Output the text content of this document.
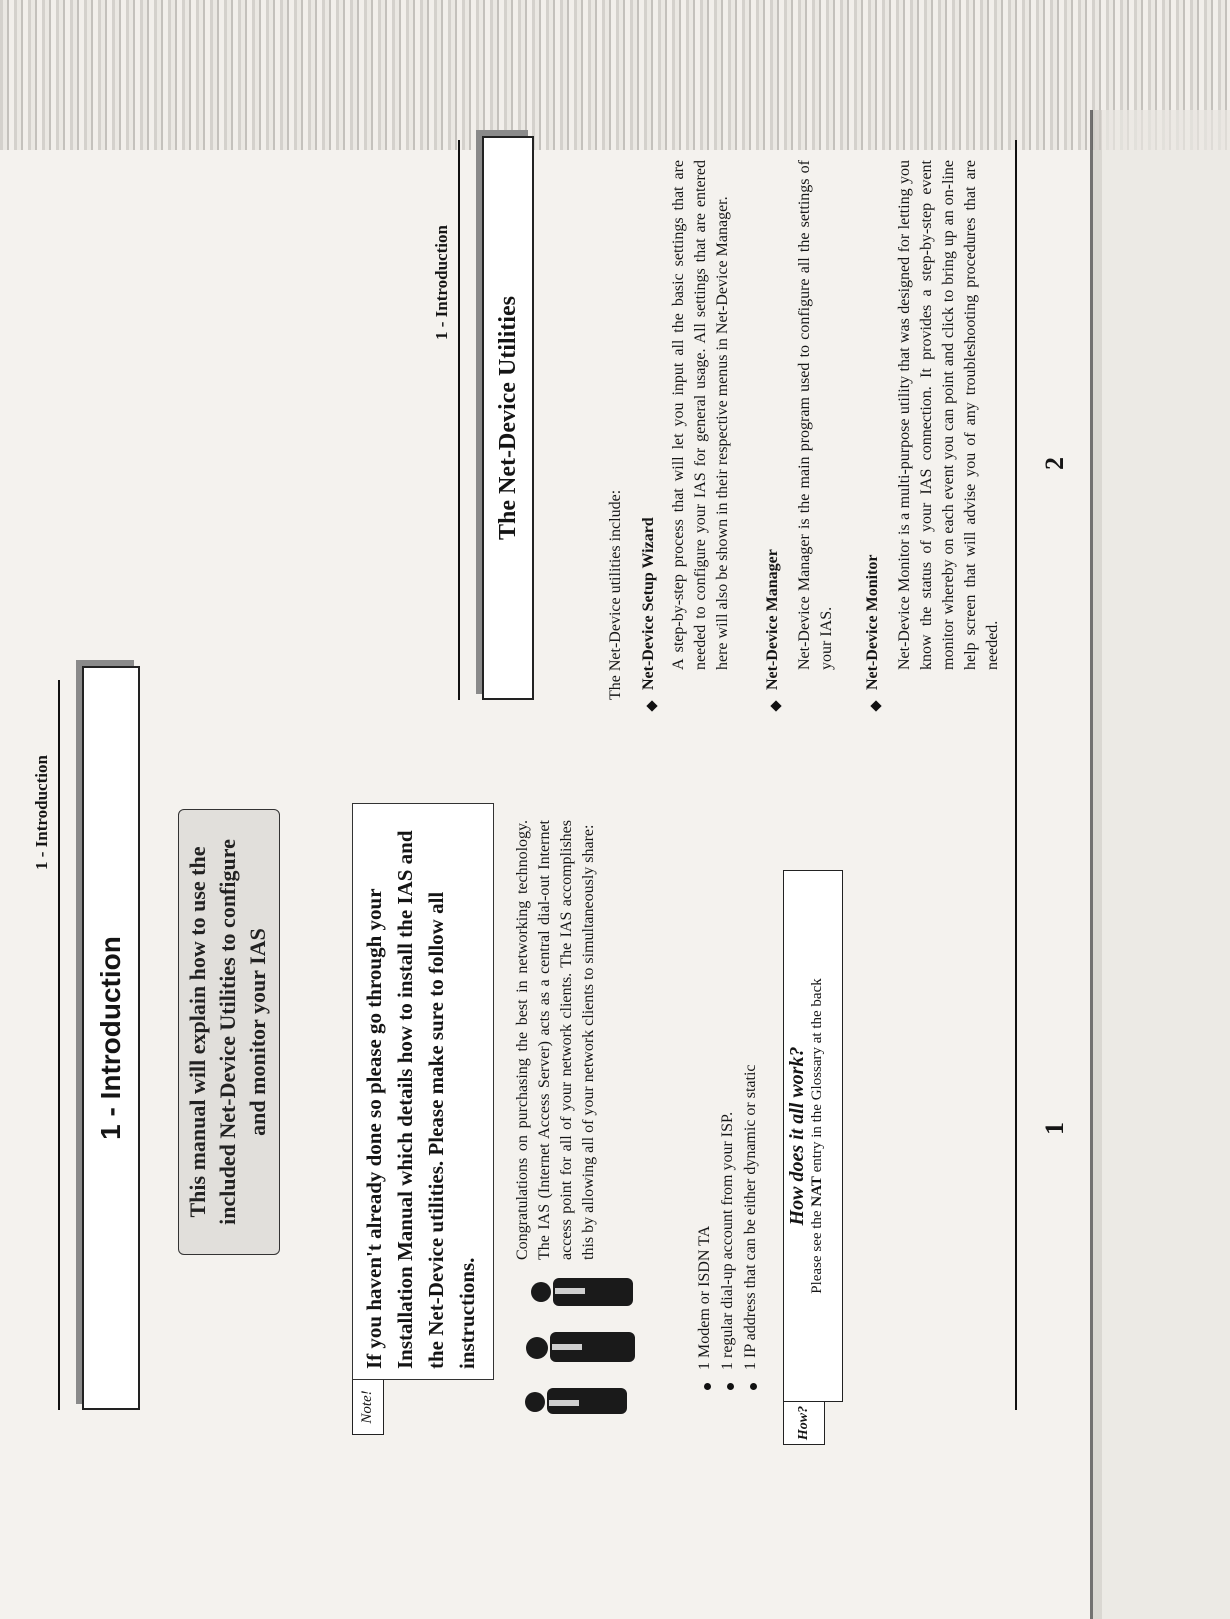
1 - Introduction
1 - Introduction	This manual will explain how to use the included Net-Device Utilities to configure and monitor your IAS
Note!
If you haven't already done so please go through your Installation Manual which details how to install the IAS and the Net-Device utilities. Please make sure to follow all instructions.
Congratulations on purchasing the best in networking technology. The IAS (Internet Access Server) acts as a central dial-out Internet access point for all of your network clients. The IAS accomplishes this by allowing all of your network clients to simultaneously share:
1 Modem or ISDN TA 1 regular dial-up account from your ISP. 1 IP address that can be either dynamic or static
How?
How does it all work?
Please see the NAT entry in the Glossary at the back	1
1 - Introduction
The Net-Device Utilities
The Net-Device utilities include: Net-Device Setup Wizard A step-by-step process that will let you input all the basic settings that are needed to configure your IAS for general usage. All settings that are entered here will also be shown in their respective menus in Net-Device Manager. Net-Device Manager Net-Device Manager is the main program used to configure all the settings of your IAS. Net-Device Monitor Net-Device Monitor is a multi-purpose utility that was designed for letting you know the status of your IAS connection. It provides a step-by-step event monitor whereby on each event you can point and click to bring up an on-line help screen that will advise you of any troubleshooting procedures that are needed.
2
